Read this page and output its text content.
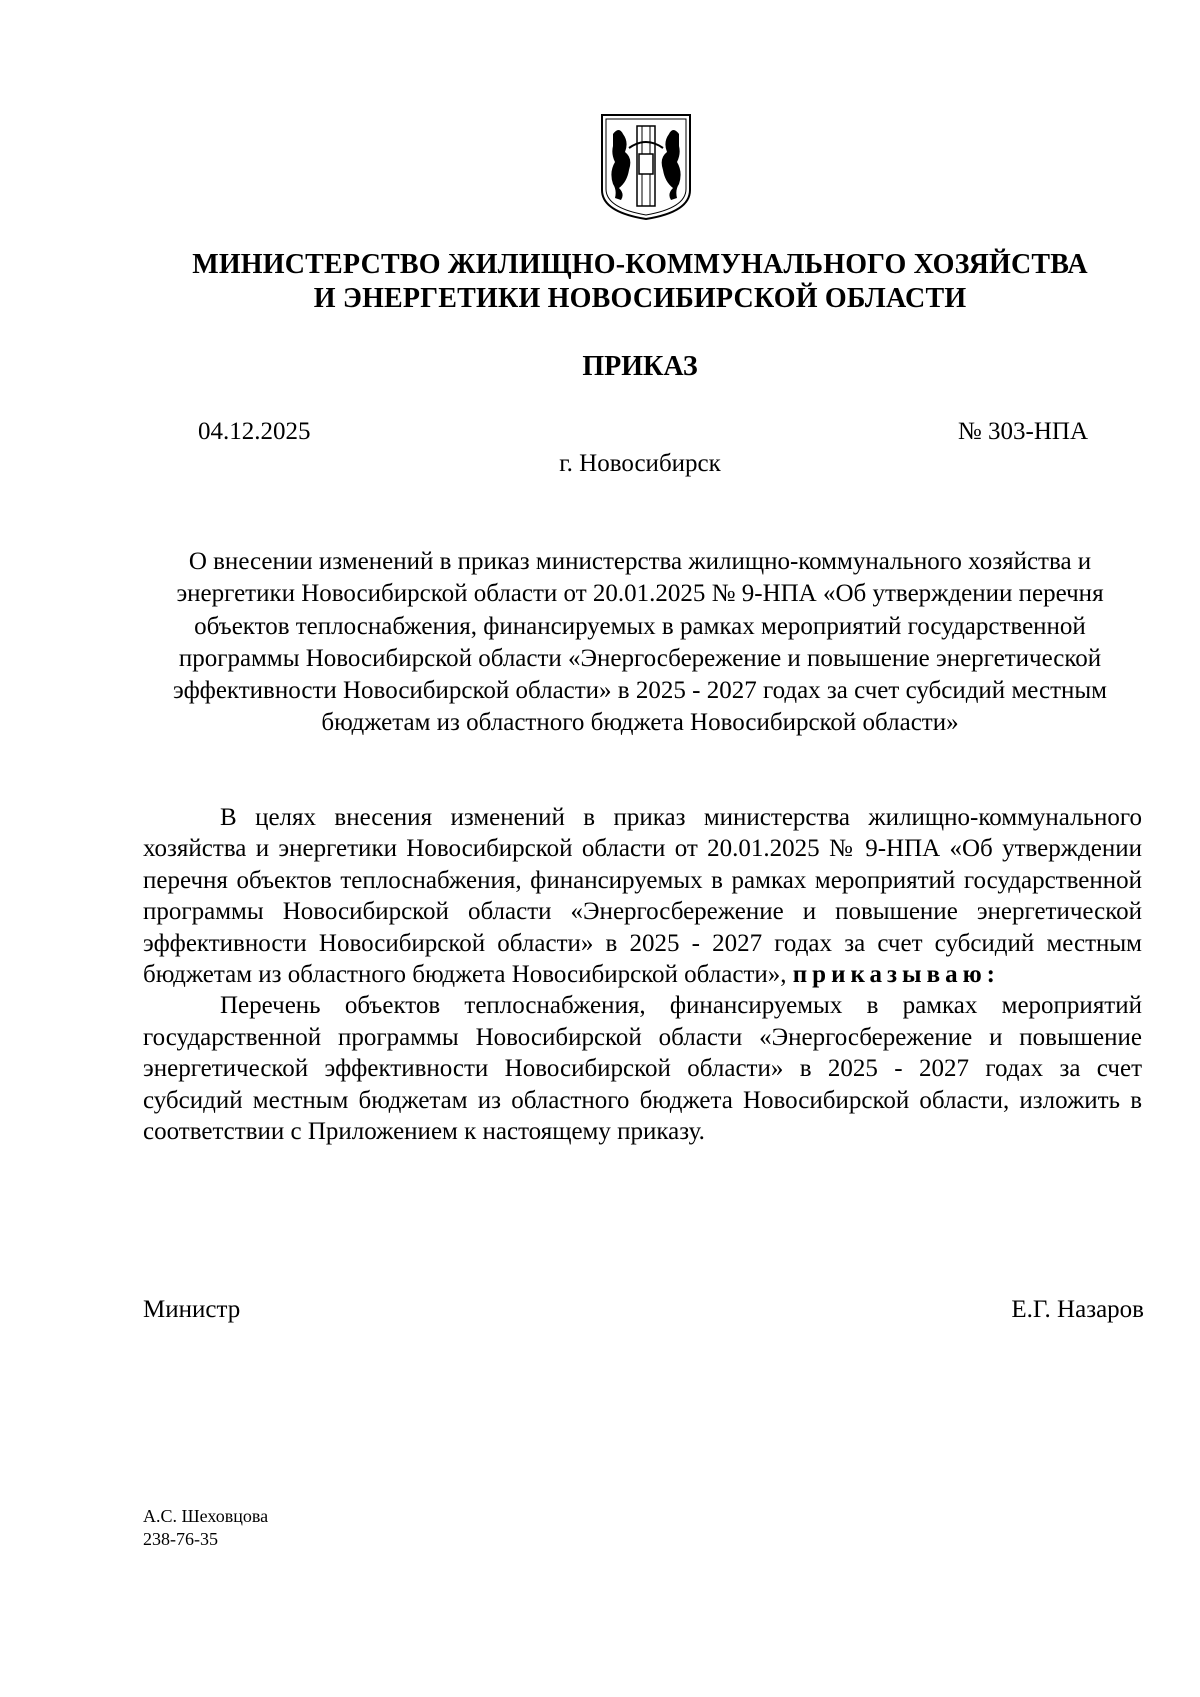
МИНИСТЕРСТВО ЖИЛИЩНО-КОММУНАЛЬНОГО ХОЗЯЙСТВА
И ЭНЕРГЕТИКИ НОВОСИБИРСКОЙ ОБЛАСТИ
ПРИКАЗ
04.12.2025	№ 303-НПА
г. Новосибирск
О внесении изменений в приказ министерства жилищно-коммунального хозяйства и энергетики Новосибирской области от 20.01.2025 № 9-НПА «Об утверждении перечня объектов теплоснабжения, финансируемых в рамках мероприятий государственной программы Новосибирской области «Энергосбережение и повышение энергетической эффективности Новосибирской области» в 2025 - 2027 годах за счет субсидий местным бюджетам из областного бюджета Новосибирской области»

В целях внесения изменений в приказ министерства жилищно-коммунального хозяйства и энергетики Новосибирской области от 20.01.2025 № 9-НПА «Об утверждении перечня объектов теплоснабжения, финансируемых в рамках мероприятий государственной программы Новосибирской области «Энергосбережение и повышение энергетической эффективности Новосибирской области» в 2025 - 2027 годах за счет субсидий местным бюджетам из областного бюджета Новосибирской области», приказываю:

Перечень объектов теплоснабжения, финансируемых в рамках мероприятий государственной программы Новосибирской области «Энергосбережение и повышение энергетической эффективности Новосибирской области» в 2025 - 2027 годах за счет субсидий местным бюджетам из областного бюджета Новосибирской области, изложить в соответствии с Приложением к настоящему приказу.

Министр	Е.Г. Назаров
А.С. Шеховцова
238-76-35
